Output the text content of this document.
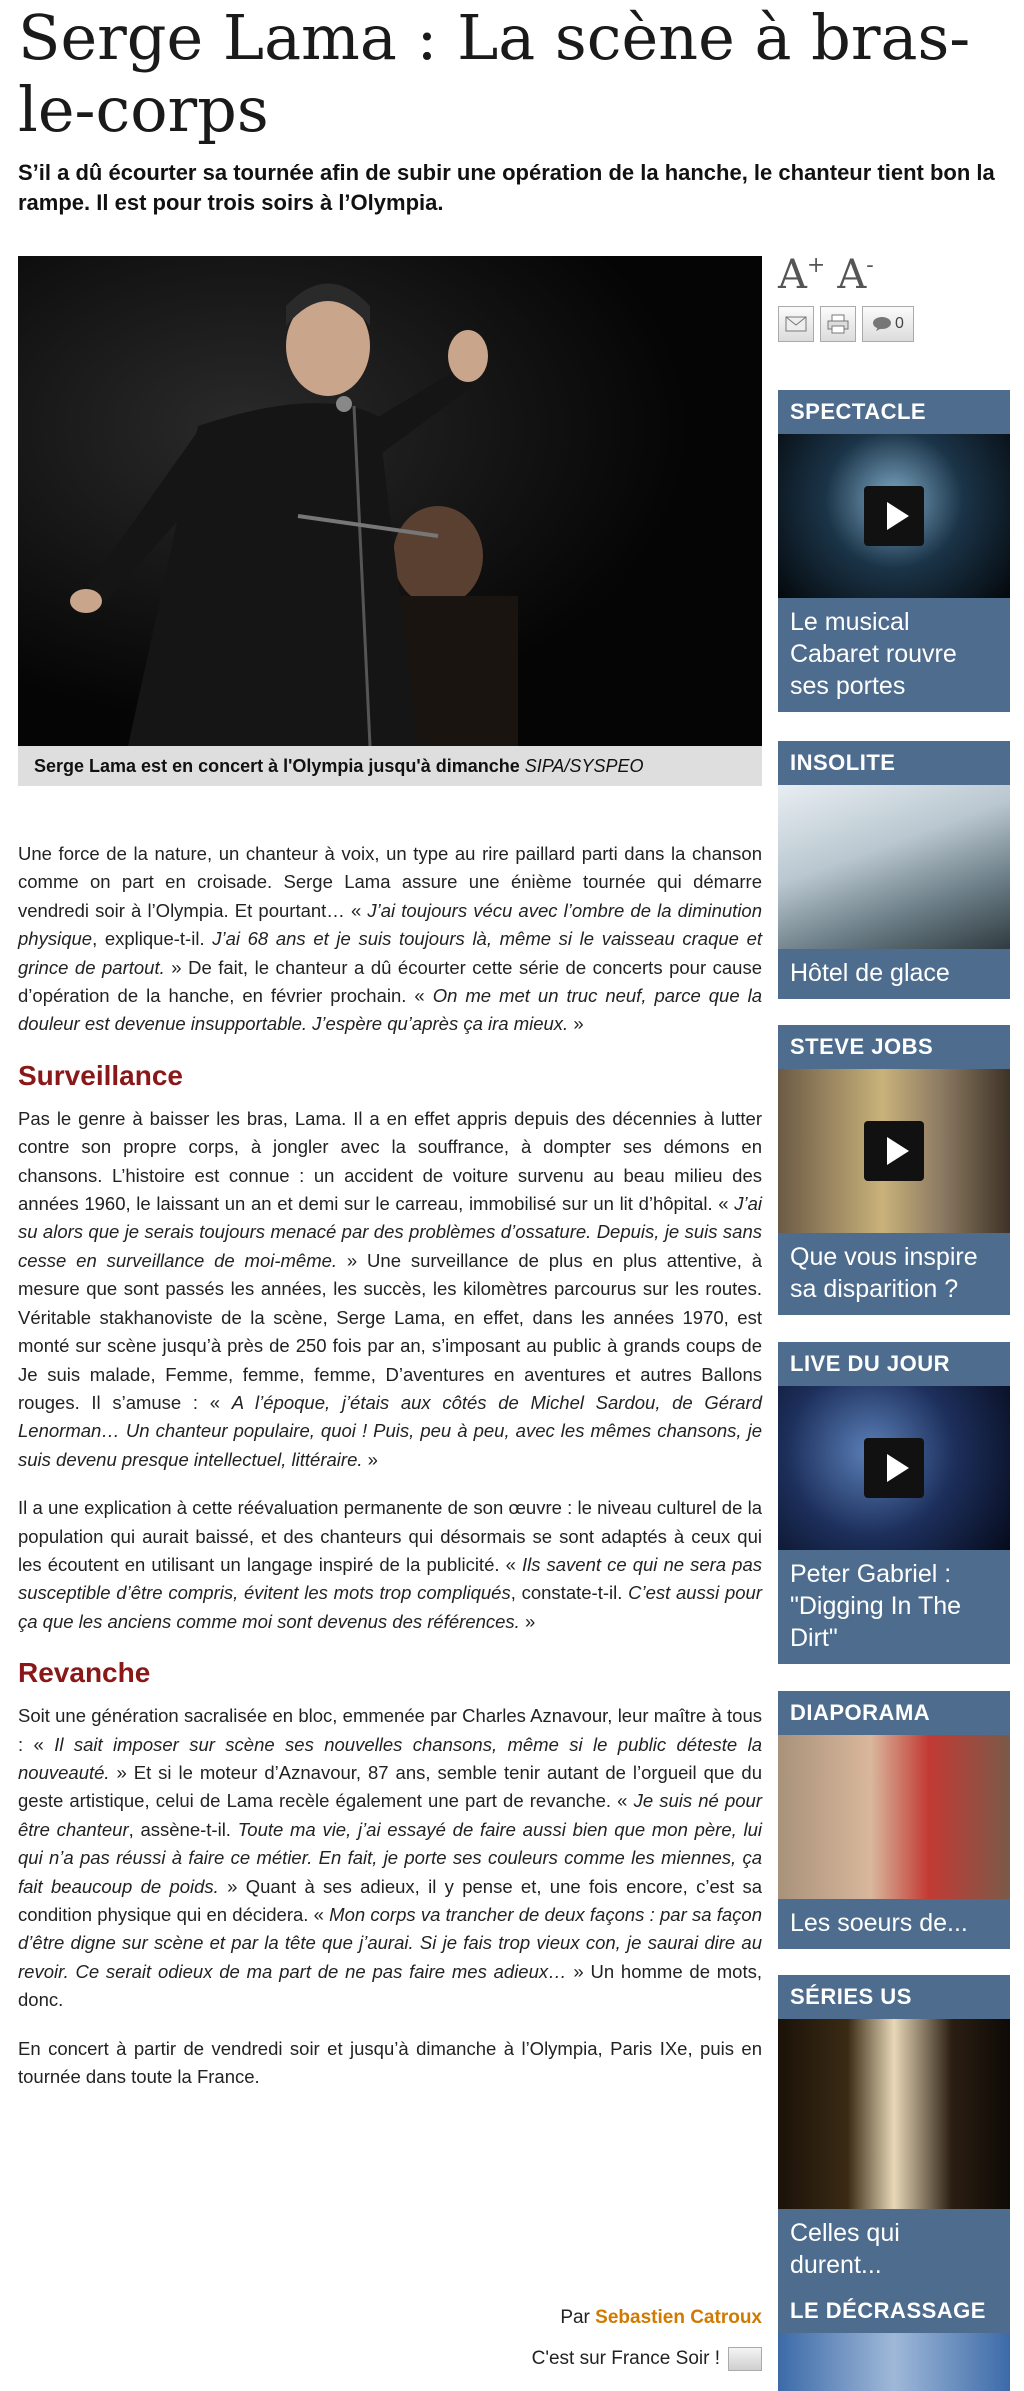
Serge Lama : La scène à bras-le-corps
S’il a dû écourter sa tournée afin de subir une opération de la hanche, le chanteur tient bon la rampe. Il est pour trois soirs à l’Olympia.
Serge Lama est en concert à l'Olympia jusqu'à dimanche SIPA/SYSPEO

Une force de la nature, un chanteur à voix, un type au rire paillard parti dans la chanson comme on part en croisade. Serge Lama assure une énième tournée qui démarre vendredi soir à l’Olympia. Et pourtant… « J’ai toujours vécu avec l’ombre de la diminution physique, explique-t-il. J’ai 68 ans et je suis toujours là, même si le vaisseau craque et grince de partout. » De fait, le chanteur a dû écourter cette série de concerts pour cause d’opération de la hanche, en février prochain. « On me met un truc neuf, parce que la douleur est devenue insupportable. J’espère qu’après ça ira mieux. »

Surveillance

Pas le genre à baisser les bras, Lama. Il a en effet appris depuis des décennies à lutter contre son propre corps, à jongler avec la souffrance, à dompter ses démons en chansons. L’histoire est connue : un accident de voiture survenu au beau milieu des années 1960, le laissant un an et demi sur le carreau, immobilisé sur un lit d’hôpital. « J’ai su alors que je serais toujours menacé par des problèmes d’ossature. Depuis, je suis sans cesse en surveillance de moi-même. » Une surveillance de plus en plus attentive, à mesure que sont passés les années, les succès, les kilomètres parcourus sur les routes. Véritable stakhanoviste de la scène, Serge Lama, en effet, dans les années 1970, est monté sur scène jusqu’à près de 250 fois par an, s’imposant au public à grands coups de Je suis malade, Femme, femme, femme, D’aventures en aventures et autres Ballons rouges. Il s’amuse : « A l’époque, j’étais aux côtés de Michel Sardou, de Gérard Lenorman… Un chanteur populaire, quoi ! Puis, peu à peu, avec les mêmes chansons, je suis devenu presque intellectuel, littéraire. »

Il a une explication à cette réévaluation permanente de son œuvre : le niveau culturel de la population qui aurait baissé, et des chanteurs qui désormais se sont adaptés à ceux qui les écoutent en utilisant un langage inspiré de la publicité. « Ils savent ce qui ne sera pas susceptible d’être compris, évitent les mots trop compliqués, constate-t-il. C’est aussi pour ça que les anciens comme moi sont devenus des références. »

Revanche

Soit une génération sacralisée en bloc, emmenée par Charles Aznavour, leur maître à tous : « Il sait imposer sur scène ses nouvelles chansons, même si le public déteste la nouveauté. » Et si le moteur d’Aznavour, 87 ans, semble tenir autant de l’orgueil que du geste artistique, celui de Lama recèle également une part de revanche. « Je suis né pour être chanteur, assène-t-il. Toute ma vie, j’ai essayé de faire aussi bien que mon père, lui qui n’a pas réussi à faire ce métier. En fait, je porte ses couleurs comme les miennes, ça fait beaucoup de poids. » Quant à ses adieux, il y pense et, une fois encore, c’est sa condition physique qui en décidera. « Mon corps va trancher de deux façons : par sa façon d’être digne sur scène et par la tête que j’aurai. Si je fais trop vieux con, je saurai dire au revoir. Ce serait odieux de ma part de ne pas faire mes adieux… » Un homme de mots, donc.

En concert à partir de vendredi soir et jusqu’à dimanche à l’Olympia, Paris IXe, puis en tournée dans toute la France.

Par Sebastien Catroux
C'est sur France Soir !
A+ A-
0
SPECTACLE
Le musical Cabaret rouvre ses portes
INSOLITE
Hôtel de glace
STEVE JOBS
Que vous inspire sa disparition ?
LIVE DU JOUR
Peter Gabriel : "Digging In The Dirt"
DIAPORAMA
Les soeurs de...
SÉRIES US
Celles qui durent...
LE DÉCRASSAGE
